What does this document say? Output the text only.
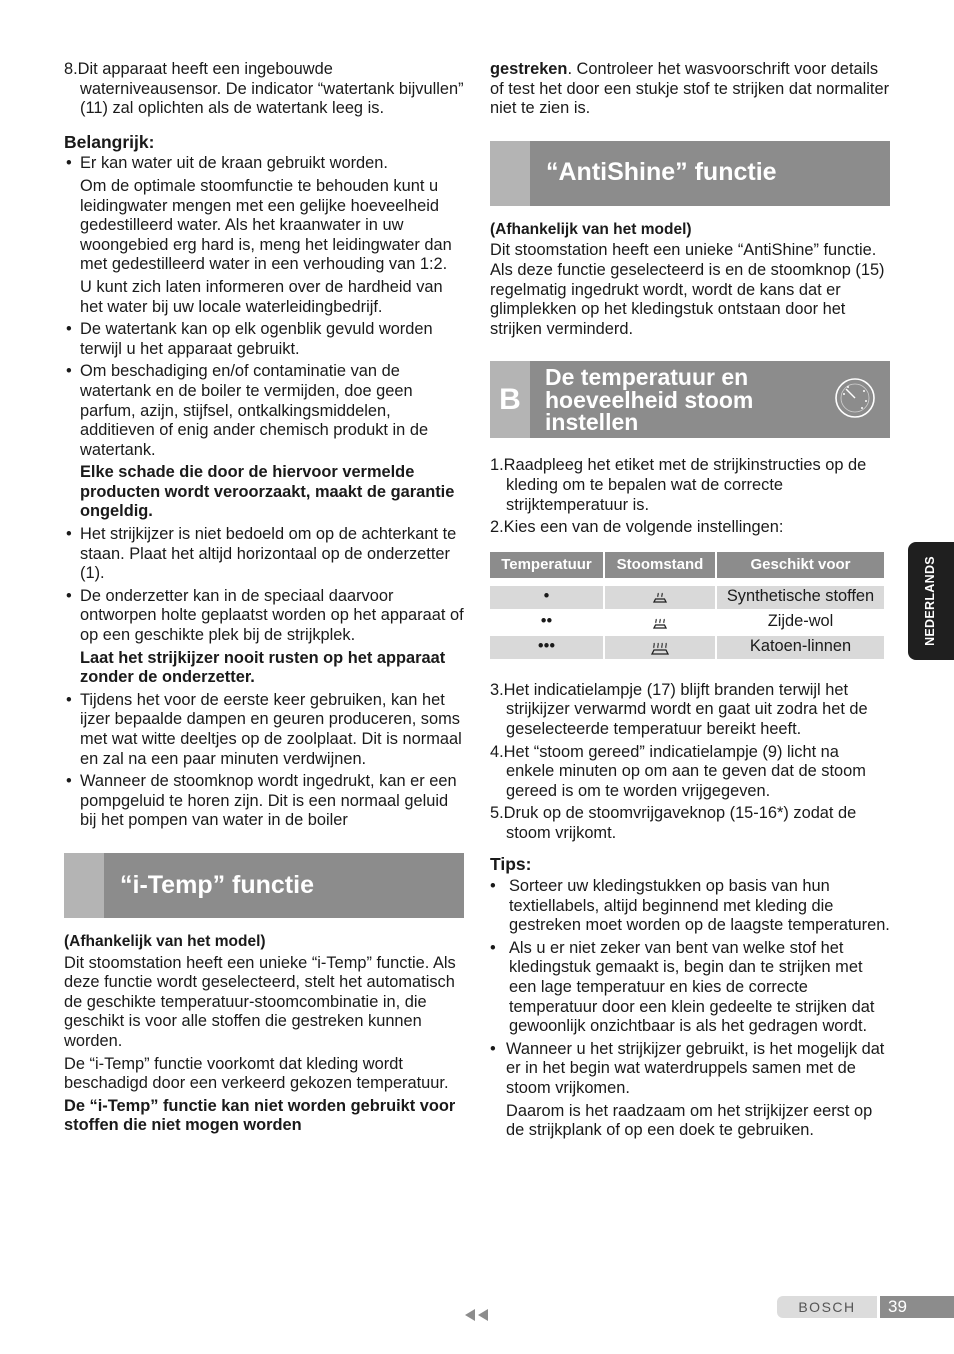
8.Dit apparaat heeft een ingebouwde waterniveausensor. De indicator “watertank bijvullen” (11) zal oplichten als de watertank leeg is.

Belangrijk:

• Er kan water uit de kraan gebruikt worden.

Om de optimale stoomfunctie te behouden kunt u leidingwater mengen met een gelijke hoeveelheid gedestilleerd water. Als het kraanwater in uw woongebied erg hard is, meng het leidingwater dan met gedestilleerd water in een verhouding van 1:2.

U kunt zich laten informeren over de hardheid van het water bij uw locale waterleidingbedrijf.

• De watertank kan op elk ogenblik gevuld worden terwijl u het apparaat gebruikt.
• Om beschadiging en/of contaminatie van de watertank en de boiler te vermijden, doe geen parfum, azijn, stijfsel, ontkalkingsmiddelen, additieven of enig ander chemisch produkt in de watertank.

Elke schade die door de hiervoor vermelde producten wordt veroorzaakt, maakt de garantie ongeldig.

• Het strijkijzer is niet bedoeld om op de achterkant te staan. Plaat het altijd horizontaal op de onderzetter (1).
• De onderzetter kan in de speciaal daarvoor ontworpen holte geplaatst worden op het apparaat of op een geschikte plek bij de strijkplek.

Laat het strijkijzer nooit rusten op het apparaat zonder de onderzetter.

• Tijdens het voor de eerste keer gebruiken, kan het ijzer bepaalde dampen en geuren produceren, soms met wat witte deeltjes op de zoolplaat. Dit is normaal en zal na een paar minuten verdwijnen.
• Wanneer de stoomknop wordt ingedrukt, kan er een pompgeluid te horen zijn. Dit is een normaal geluid bij het pompen van water in de boiler
“i-Temp” functie

(Afhankelijk van het model)

Dit stoomstation heeft een unieke “i-Temp” functie. Als deze functie wordt geselecteerd, stelt het automatisch de geschikte temperatuur-stoomcombinatie in, die geschikt is voor alle stoffen die gestreken kunnen worden.

De “i-Temp” functie voorkomt dat kleding wordt beschadigd door een verkeerd gekozen temperatuur.

De “i-Temp” functie kan niet worden gebruikt voor stoffen die niet mogen worden

gestreken. Controleer het wasvoorschrift voor details of test het door een stukje stof te strijken dat normaliter niet te zien is.

“AntiShine” functie

(Afhankelijk van het model)

Dit stoomstation heeft een unieke “AntiShine” functie. Als deze functie geselecteerd is en de stoomknop (15) regelmatig ingedrukt wordt, wordt de kans dat er glimplekken op het kledingstuk ontstaan door het strijken verminderd.

B
De temperatuur en hoeveelheid stoom instellen

1.Raadpleeg het etiket met de strijkinstructies op de kleding om te bepalen wat de correcte strijktemperatuur is.

2.Kies een van de volgende instellingen:

Temperatuur	Stoomstand	Geschikt voor

•		Synthetische stoffen
••		Zijde-wol
•••		Katoen-linnen

3.Het indicatielampje (17) blijft branden terwijl het strijkijzer verwarmd wordt en gaat uit zodra het de geselecteerde temperatuur bereikt heeft.

4.Het “stoom gereed” indicatielampje (9) licht na enkele minuten op om aan te geven dat de stoom gereed is om te worden vrijgegeven.

5.Druk op de stoomvrijgaveknop (15-16*) zodat de stoom vrijkomt.

Tips:

• Sorteer uw kledingstukken op basis van hun textiellabels, altijd beginnend met kleding die gestreken moet worden op de laagste temperaturen.
• Als u er niet zeker van bent van welke stof het kledingstuk gemaakt is, begin dan te strijken met een lage temperatuur en kies de correcte temperatuur door een klein gedeelte te strijken dat gewoonlijk onzichtbaar is als het gedragen wordt.
• Wanneer u het strijkijzer gebruikt, is het mogelijk dat er in het begin wat waterdruppels samen met de stoom vrijkomen.

Daarom is het raadzaam om het strijkijzer eerst op de strijkplank of op een doek te gebruiken.

NEDERLANDS
BOSCH	39
